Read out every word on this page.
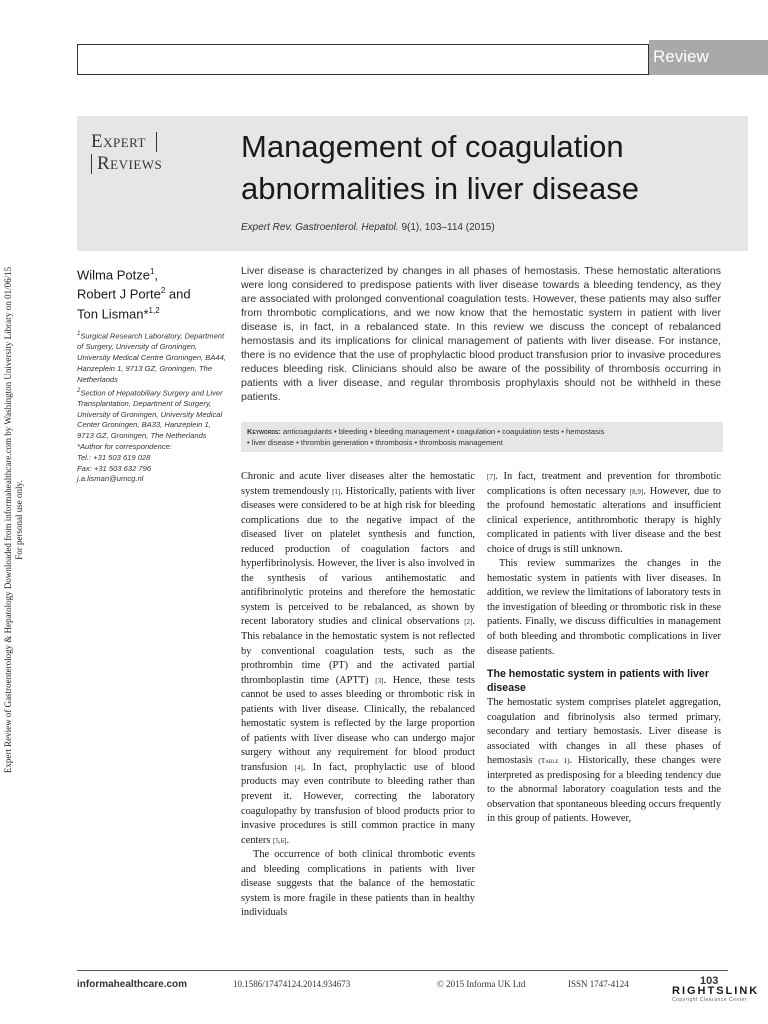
Expert Review of Gastroenterology & Hepatology Downloaded from informahealthcare.com by Washington University Library on 01/06/15 For personal use only.
Review
Expert
Reviews	Management of coagulation abnormalities in liver disease
Expert Rev. Gastroenterol. Hepatol. 9(1), 103–114 (2015)
Wilma Potze$^1$,
Robert J Porte$^2$ and
Ton Lisman*$^{1,2}$

$^1$Surgical Research Laboratory, Department of Surgery, University of Groningen, University Medical Centre Groningen, BA44, Hanzeplein 1, 9713 GZ, Groningen, The Netherlands

$^2$Section of Hepatobiliary Surgery and Liver Transplantation, Department of Surgery, University of Groningen, University Medical Center Groningen, BA33, Hanzeplein 1, 9713 GZ, Groningen, The Netherlands

*Author for correspondence:

Tel.: +31 503 619 028

Fax: +31 503 632 796

j.a.lisman@umcg.nl

Liver disease is characterized by changes in all phases of hemostasis. These hemostatic alterations were long considered to predispose patients with liver disease towards a bleeding tendency, as they are associated with prolonged conventional coagulation tests. However, these patients may also suffer from thrombotic complications, and we now know that the hemostatic system in patient with liver disease is, in fact, in a rebalanced state. In this review we discuss the concept of rebalanced hemostasis and its implications for clinical management of patients with liver disease. For instance, there is no evidence that the use of prophylactic blood product transfusion prior to invasive procedures reduces bleeding risk. Clinicians should also be aware of the possibility of thrombosis occurring in patients with a liver disease, and regular thrombosis prophylaxis should not be withheld in these patients.
Keywords: anticoagulants • bleeding • bleeding management • coagulation • coagulation tests • hemostasis
• liver disease • thrombin generation • thrombosis • thrombosis management

Chronic and acute liver diseases alter the hemostatic system tremendously [1]. Historically, patients with liver diseases were considered to be at high risk for bleeding complications due to the negative impact of the diseased liver on platelet synthesis and function, reduced production of coagulation factors and hyperfibrinolysis. However, the liver is also involved in the synthesis of various antihemostatic and antifibrinolytic proteins and therefore the hemostatic system is perceived to be rebalanced, as shown by recent laboratory studies and clinical observations [2]. This rebalance in the hemostatic system is not reflected by conventional coagulation tests, such as the prothrombin time (PT) and the activated partial thromboplastin time (APTT) [3]. Hence, these tests cannot be used to asses bleeding or thrombotic risk in patients with liver disease. Clinically, the rebalanced hemostatic system is reflected by the large proportion of patients with liver disease who can undergo major surgery without any requirement for blood product transfusion [4]. In fact, prophylactic use of blood products may even contribute to bleeding rather than prevent it. However, correcting the laboratory coagulopathy by transfusion of blood products prior to invasive procedures is still common practice in many centers [5,6].

The occurrence of both clinical thrombotic events and bleeding complications in patients with liver disease suggests that the balance of the hemostatic system is more fragile in these patients than in healthy individuals

[7]. In fact, treatment and prevention for thrombotic complications is often necessary [8,9]. However, due to the profound hemostatic alterations and insufficient clinical experience, antithrombotic therapy is highly complicated in patients with liver disease and the best choice of drugs is still unknown.

This review summarizes the changes in the hemostatic system in patients with liver diseases. In addition, we review the limitations of laboratory tests in the investigation of bleeding or thrombotic risk in these patients. Finally, we discuss difficulties in management of both bleeding and thrombotic complications in liver disease patients.

The hemostatic system in patients with liver disease

The hemostatic system comprises platelet aggregation, coagulation and fibrinolysis also termed primary, secondary and tertiary hemostasis. Liver disease is associated with changes in all these phases of hemostasis (Table 1). Historically, these changes were interpreted as predisposing for a bleeding tendency due to the abnormal laboratory coagulation tests and the observation that spontaneous bleeding occurs frequently in this group of patients. However,

informahealthcare.com	10.1586/17474124.2014.934673	© 2015 Informa UK Ltd	ISSN 1747-4124	103
RIGHTSLINK
Copyright Clearance Center
